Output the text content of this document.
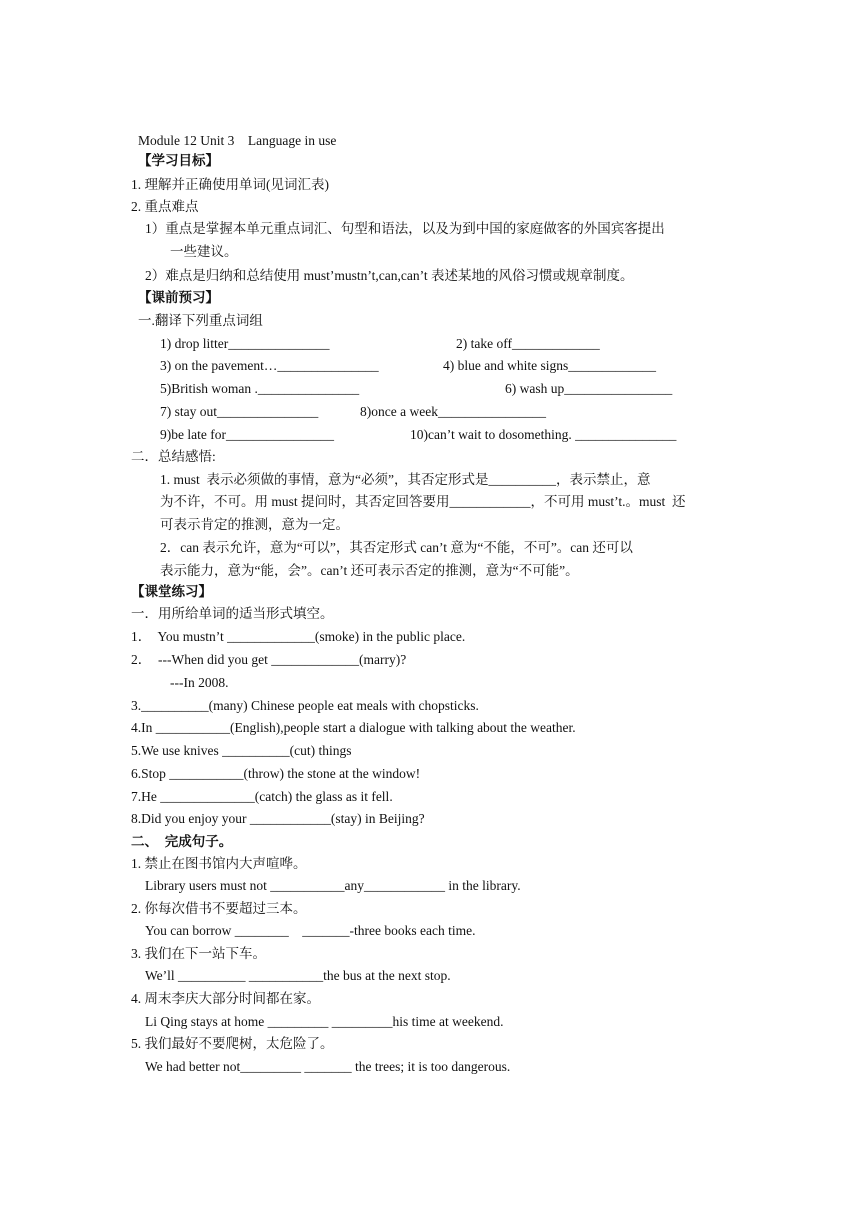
Module 12 Unit 3    Language in use
【学习目标】
1. 理解并正确使用单词(见词汇表)
2. 重点难点
1）重点是掌握本单元重点词汇、句型和语法，以及为到中国的家庭做客的外国宾客提出
一些建议。
2）难点是归纳和总结使用 must’mustn’t,can,can’t 表述某地的风俗习惯或规章制度。
【课前预习】
一.翻译下列重点词组
1) drop litter_______________	2) take off_____________
3) on the pavement…_______________	4) blue and white signs_____________
5)British woman ._______________	6) wash up________________
7) stay out_______________	8)once a week________________
9)be late for________________	10)can’t wait to dosomething. _______________
二．总结感悟:
1. must  表示必须做的事情，意为“必须”，其否定形式是__________，表示禁止，意
为不许，不可。用 must 提问时，其否定回答要用____________，不可用 must’t.。must  还
可表示肯定的推测，意为一定。
2．can 表示允许，意为“可以”，其否定形式 can’t 意为“不能，不可”。can 还可以
表示能力，意为“能，会”。can’t 还可表示否定的推测，意为“不可能”。
【课堂练习】
一．用所给单词的适当形式填空。
1．  You mustn’t _____________(smoke) in the public place.
2．  ---When did you get _____________(marry)?
---In 2008.
3.__________(many) Chinese people eat meals with chopsticks.
4.In ___________(English),people start a dialogue with talking about the weather.
5.We use knives __________(cut) things
6.Stop ___________(throw) the stone at the window!
7.He ______________(catch) the glass as it fell.
8.Did you enjoy your ____________(stay) in Beijing?
二、  完成句子。
1. 禁止在图书馆内大声喧哗。
Library users must not ___________any____________ in the library.
2. 你每次借书不要超过三本。
You can borrow ________    _______-three books each time.
3. 我们在下一站下车。
We’ll __________ ___________the bus at the next stop.
4. 周末李庆大部分时间都在家。
Li Qing stays at home _________ _________his time at weekend.
5. 我们最好不要爬树，太危险了。
We had better not_________ _______ the trees; it is too dangerous.
